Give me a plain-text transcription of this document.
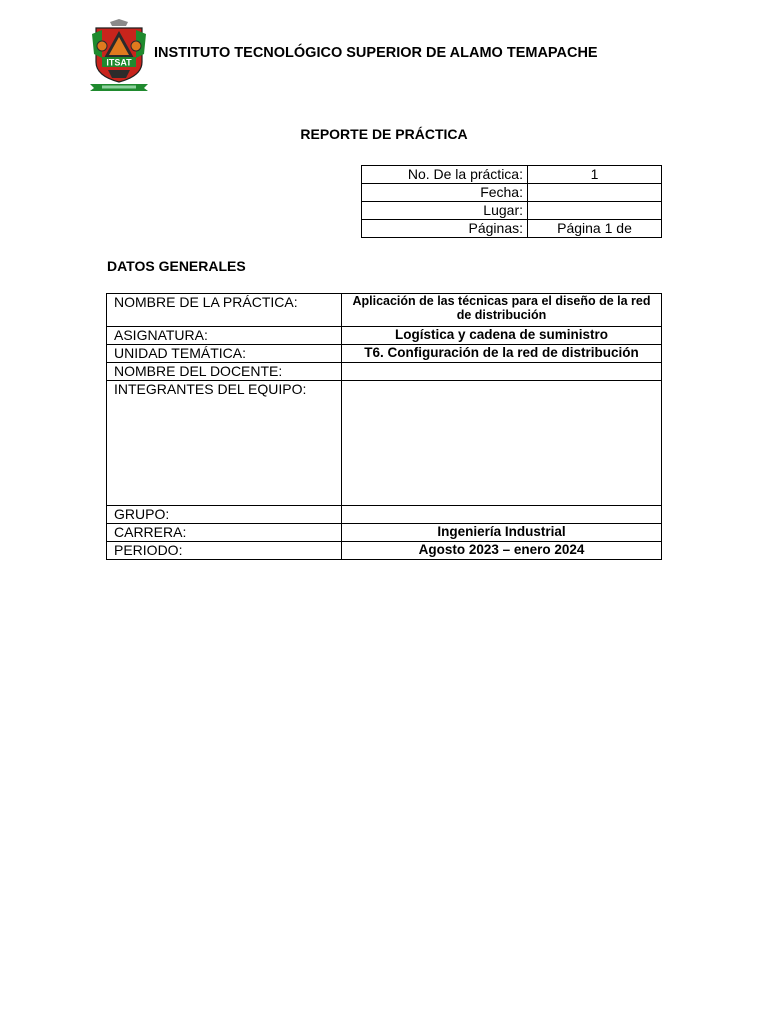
ITSAT
INSTITUTO TECNOLÓGICO SUPERIOR DE ALAMO TEMAPACHE
REPORTE DE PRÁCTICA
No. De la práctica:	1
Fecha:	
Lugar:	
Páginas:	Página 1 de
DATOS GENERALES
NOMBRE DE LA PRÁCTICA:	Aplicación de las técnicas para el diseño de la red de distribución
ASIGNATURA:	Logística y cadena de suministro
UNIDAD TEMÁTICA:	T6. Configuración de la red de distribución
NOMBRE DEL DOCENTE:	
INTEGRANTES DEL EQUIPO:	
GRUPO:	
CARRERA:	Ingeniería Industrial
PERIODO:	Agosto 2023 – enero 2024
